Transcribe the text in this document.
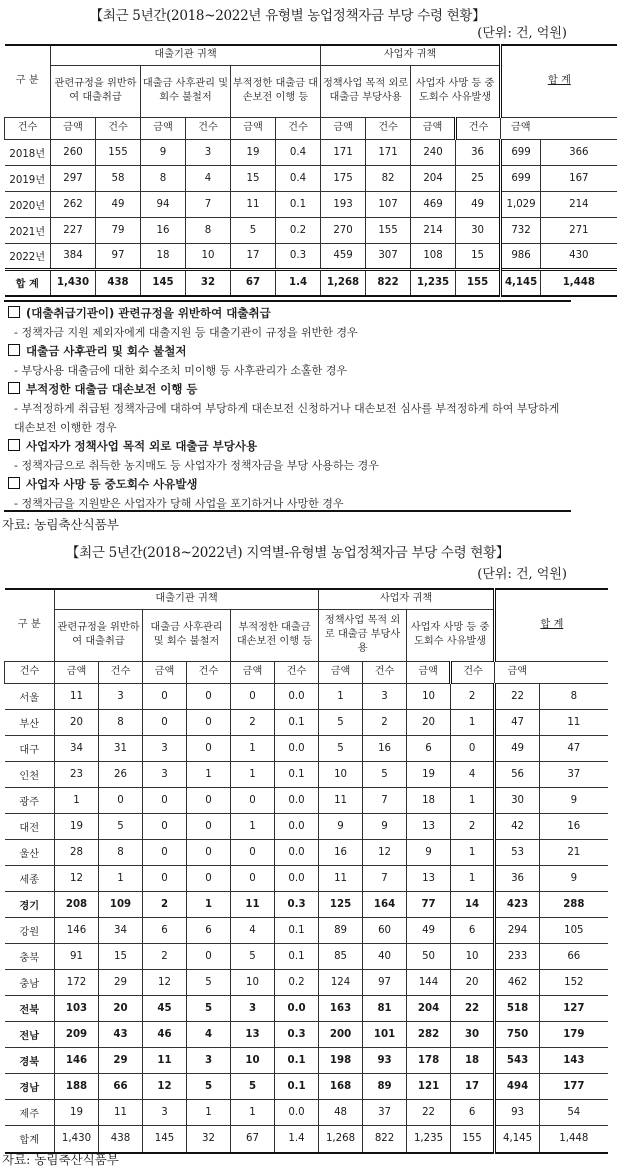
【최근 5년간(2018~2022년 유형별 농업정책자금 부당 수령 현황】
(단위: 건, 억원)
구 분	대출기관 귀책						사업자 귀책				합 계	
	관련규정을 위반하여 대출취급		대출금 사후관리 및 회수 불철저		부적정한 대출금 대손보전 이행 등		정책사업 목적 외로 대출금 부당사용		사업자 사망 등 중도회수 사유발생			
건수	금액	건수	금액	건수	금액	건수	금액	건수	금액	건수	금액	
2018년	260	155	9	3	19	0.4	171	171	240	36	699	366
2019년	297	58	8	4	15	0.4	175	82	204	25	699	167
2020년	262	49	94	7	11	0.1	193	107	469	49	1,029	214
2021년	227	79	16	8	5	0.2	270	155	214	30	732	271
2022년	384	97	18	10	17	0.3	459	307	108	15	986	430
합 계	1,430	438	145	32	67	1.4	1,268	822	1,235	155	4,145	1,448
(대출취급기관이) 관련규정을 위반하여 대출취급
- 정책자금 지원 제외자에게 대출지원 등 대출기관이 규정을 위반한 경우
대출금 사후관리 및 회수 불철저
- 부당사용 대출금에 대한 회수조치 미이행 등 사후관리가 소홀한 경우
부적정한 대출금 대손보전 이행 등
- 부적정하게 취급된 정책자금에 대하여 부당하게 대손보전 신청하거나 대손보전 심사를 부적정하게 하여 부당하게 대손보전 이행한 경우
사업자가 정책사업 목적 외로 대출금 부당사용
- 정책자금으로 취득한 농지매도 등 사업자가 정책자금을 부당 사용하는 경우
사업자 사망 등 중도회수 사유발생
- 정책자금을 지원받은 사업자가 당해 사업을 포기하거나 사망한 경우
자료: 농림축산식품부
【최근 5년간(2018~2022년) 지역별-유형별 농업정책자금 부당 수령 현황】
(단위: 건, 억원)
구 분	대출기관 귀책						사업자 귀책				합 계	
	관련규정을 위반하여 대출취급		대출금 사후관리 및 회수 불철저		부적정한 대출금 대손보전 이행 등		정책사업 목적 외로 대출금 부당사용		사업자 사망 등 중도회수 사유발생			
건수	금액	건수	금액	건수	금액	건수	금액	건수	금액	건수	금액	
서울	11	3	0	0	0	0.0	1	3	10	2	22	8
부산	20	8	0	0	2	0.1	5	2	20	1	47	11
대구	34	31	3	0	1	0.0	5	16	6	0	49	47
인천	23	26	3	1	1	0.1	10	5	19	4	56	37
광주	1	0	0	0	0	0.0	11	7	18	1	30	9
대전	19	5	0	0	1	0.0	9	9	13	2	42	16
울산	28	8	0	0	0	0.0	16	12	9	1	53	21
세종	12	1	0	0	0	0.0	11	7	13	1	36	9
경기	208	109	2	1	11	0.3	125	164	77	14	423	288
강원	146	34	6	6	4	0.1	89	60	49	6	294	105
충북	91	15	2	0	5	0.1	85	40	50	10	233	66
충남	172	29	12	5	10	0.2	124	97	144	20	462	152
전북	103	20	45	5	3	0.0	163	81	204	22	518	127
전남	209	43	46	4	13	0.3	200	101	282	30	750	179
경북	146	29	11	3	10	0.1	198	93	178	18	543	143
경남	188	66	12	5	5	0.1	168	89	121	17	494	177
제주	19	11	3	1	1	0.0	48	37	22	6	93	54
합계	1,430	438	145	32	67	1.4	1,268	822	1,235	155	4,145	1,448
자료: 농림축산식품부
